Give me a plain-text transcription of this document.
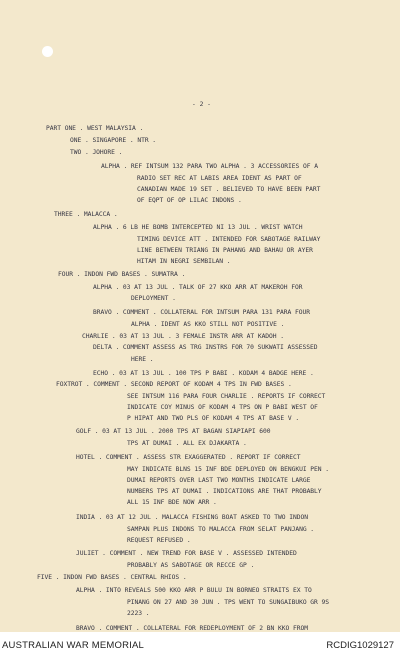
- 2 -
PART ONE . WEST MALAYSIA .
ONE . SINGAPORE . NTR .
TWO . JOHORE .
ALPHA . REF INTSUM 132 PARA TWO ALPHA . 3 ACCESSORIES OF A
RADIO SET REC AT LABIS AREA IDENT AS PART OF
CANADIAN MADE 19 SET . BELIEVED TO HAVE BEEN PART
OF EQPT OF OP LILAC INDONS .
THREE . MALACCA .
ALPHA . 6 LB HE BOMB INTERCEPTED NI 13 JUL . WRIST WATCH
TIMING DEVICE ATT . INTENDED FOR SABOTAGE RAILWAY
LINE BETWEEN TRIANG IN PAHANG AND BAHAU OR AYER
HITAM IN NEGRI SEMBILAN .
FOUR . INDON FWD BASES . SUMATRA .
ALPHA . 03 AT 13 JUL . TALK OF 27 KKO ARR AT MAKEROH FOR
DEPLOYMENT .
BRAVO . COMMENT . COLLATERAL FOR INTSUM PARA 131 PARA FOUR
ALPHA . IDENT AS KKO STILL NOT POSITIVE .
CHARLIE . 03 AT 13 JUL . 3 FEMALE INSTR ARR AT KADOH .
DELTA . COMMENT ASSESS AS TRG INSTRS FOR 70 SUKWATI ASSESSED
HERE .
ECHO . 03 AT 13 JUL . 100 TPS P BABI . KODAM 4 BADGE HERE .
FOXTROT . COMMENT . SECOND REPORT OF KODAM 4 TPS IN FWD BASES .
SEE INTSUM 116 PARA FOUR CHARLIE . REPORTS IF CORRECT
INDICATE COY MINUS OF KODAM 4 TPS ON P BABI WEST OF
P HIPAT AND TWO PLS OF KODAM 4 TPS AT BASE V .
GOLF . 03 AT 13 JUL . 2000 TPS AT BAGAN SIAPIAPI 600
TPS AT DUMAI . ALL EX DJAKARTA .
HOTEL . COMMENT . ASSESS STR EXAGGERATED . REPORT IF CORRECT
MAY INDICATE BLNS 15 INF BDE DEPLOYED ON BENGKUI PEN .
DUMAI REPORTS OVER LAST TWO MONTHS INDICATE LARGE
NUMBERS TPS AT DUMAI . INDICATIONS ARE THAT PROBABLY
ALL 15 INF BDE NOW ARR .
INDIA . 03 AT 12 JUL . MALACCA FISHING BOAT ASKED TO TWO INDON
SAMPAN PLUS INDONS TO MALACCA FROM SELAT PANJANG .
REQUEST REFUSED .
JULIET . COMMENT . NEW TREND FOR BASE V . ASSESSED INTENDED
PROBABLY AS SABOTAGE OR RECCE GP .
FIVE . INDON FWD BASES . CENTRAL RHIOS .
ALPHA . INTO REVEALS 500 KKO ARR P BULU IN BORNEO STRAITS EX TO
PINANG ON 27 AND 30 JUN . TPS WENT TO SUNGAIBUKO GR 9S
2223 .
BRAVO . COMMENT . COLLATERAL FOR REDEPLOYMENT OF 2 BN KKO FROM
AUSTRALIAN WAR MEMORIAL	RCDIG1029127
